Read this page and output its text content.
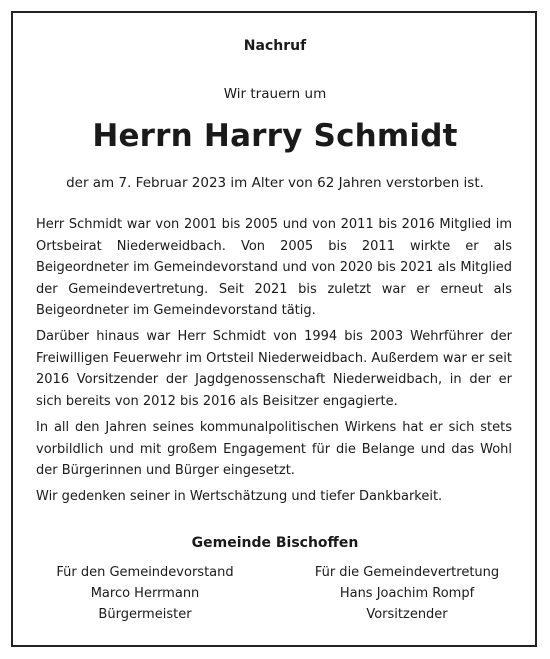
Nachruf
Wir trauern um
Herrn Harry Schmidt
der am 7. Februar 2023 im Alter von 62 Jahren verstorben ist.

Herr Schmidt war von 2001 bis 2005 und von 2011 bis 2016 Mitglied im Ortsbeirat Niederweidbach. Von 2005 bis 2011 wirkte er als Beigeordneter im Gemeindevorstand und von 2020 bis 2021 als Mitglied der Gemeindevertretung. Seit 2021 bis zuletzt war er erneut als Beigeordneter im Gemeindevorstand tätig.

Darüber hinaus war Herr Schmidt von 1994 bis 2003 Wehrführer der Freiwilligen Feuerwehr im Ortsteil Niederweidbach. Außerdem war er seit 2016 Vorsitzender der Jagdgenossenschaft Niederweidbach, in der er sich bereits von 2012 bis 2016 als Beisitzer engagierte.

In all den Jahren seines kommunalpolitischen Wirkens hat er sich stets vorbildlich und mit großem Engagement für die Belange und das Wohl der Bürgerinnen und Bürger eingesetzt.

Wir gedenken seiner in Wertschätzung und tiefer Dankbarkeit.

Gemeinde Bischoffen
Für den Gemeindevorstand
Marco Herrmann
Bürgermeister
Für die Gemeindevertretung
Hans Joachim Rompf
Vorsitzender
